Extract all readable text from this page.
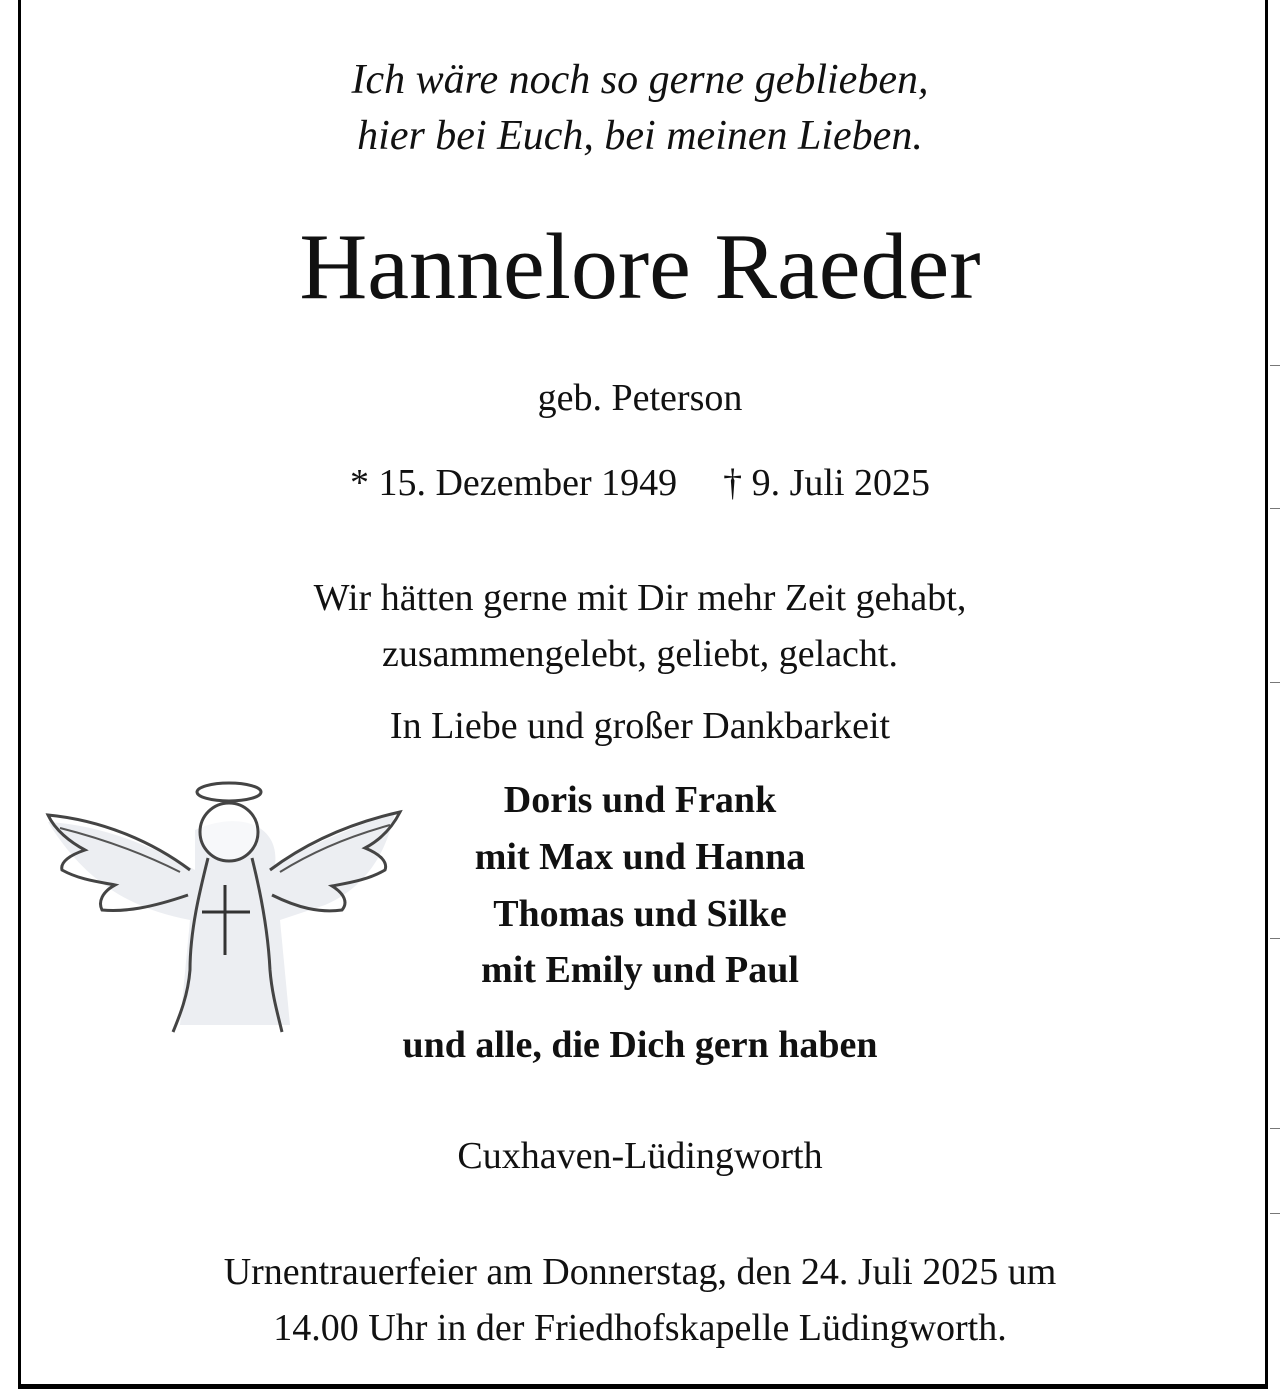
Ich wäre noch so gerne geblieben,
hier bei Euch, bei meinen Lieben.
Hannelore Raeder
geb. Peterson
* 15. Dezember 1949 † 9. Juli 2025
Wir hätten gerne mit Dir mehr Zeit gehabt,
zusammengelebt, geliebt, gelacht.
In Liebe und großer Dankbarkeit
Doris und Frank
mit Max und Hanna
Thomas und Silke
mit Emily und Paul
und alle, die Dich gern haben
Cuxhaven-Lüdingworth
Urnentrauerfeier am Donnerstag, den 24. Juli 2025 um
14.00 Uhr in der Friedhofskapelle Lüdingworth.
